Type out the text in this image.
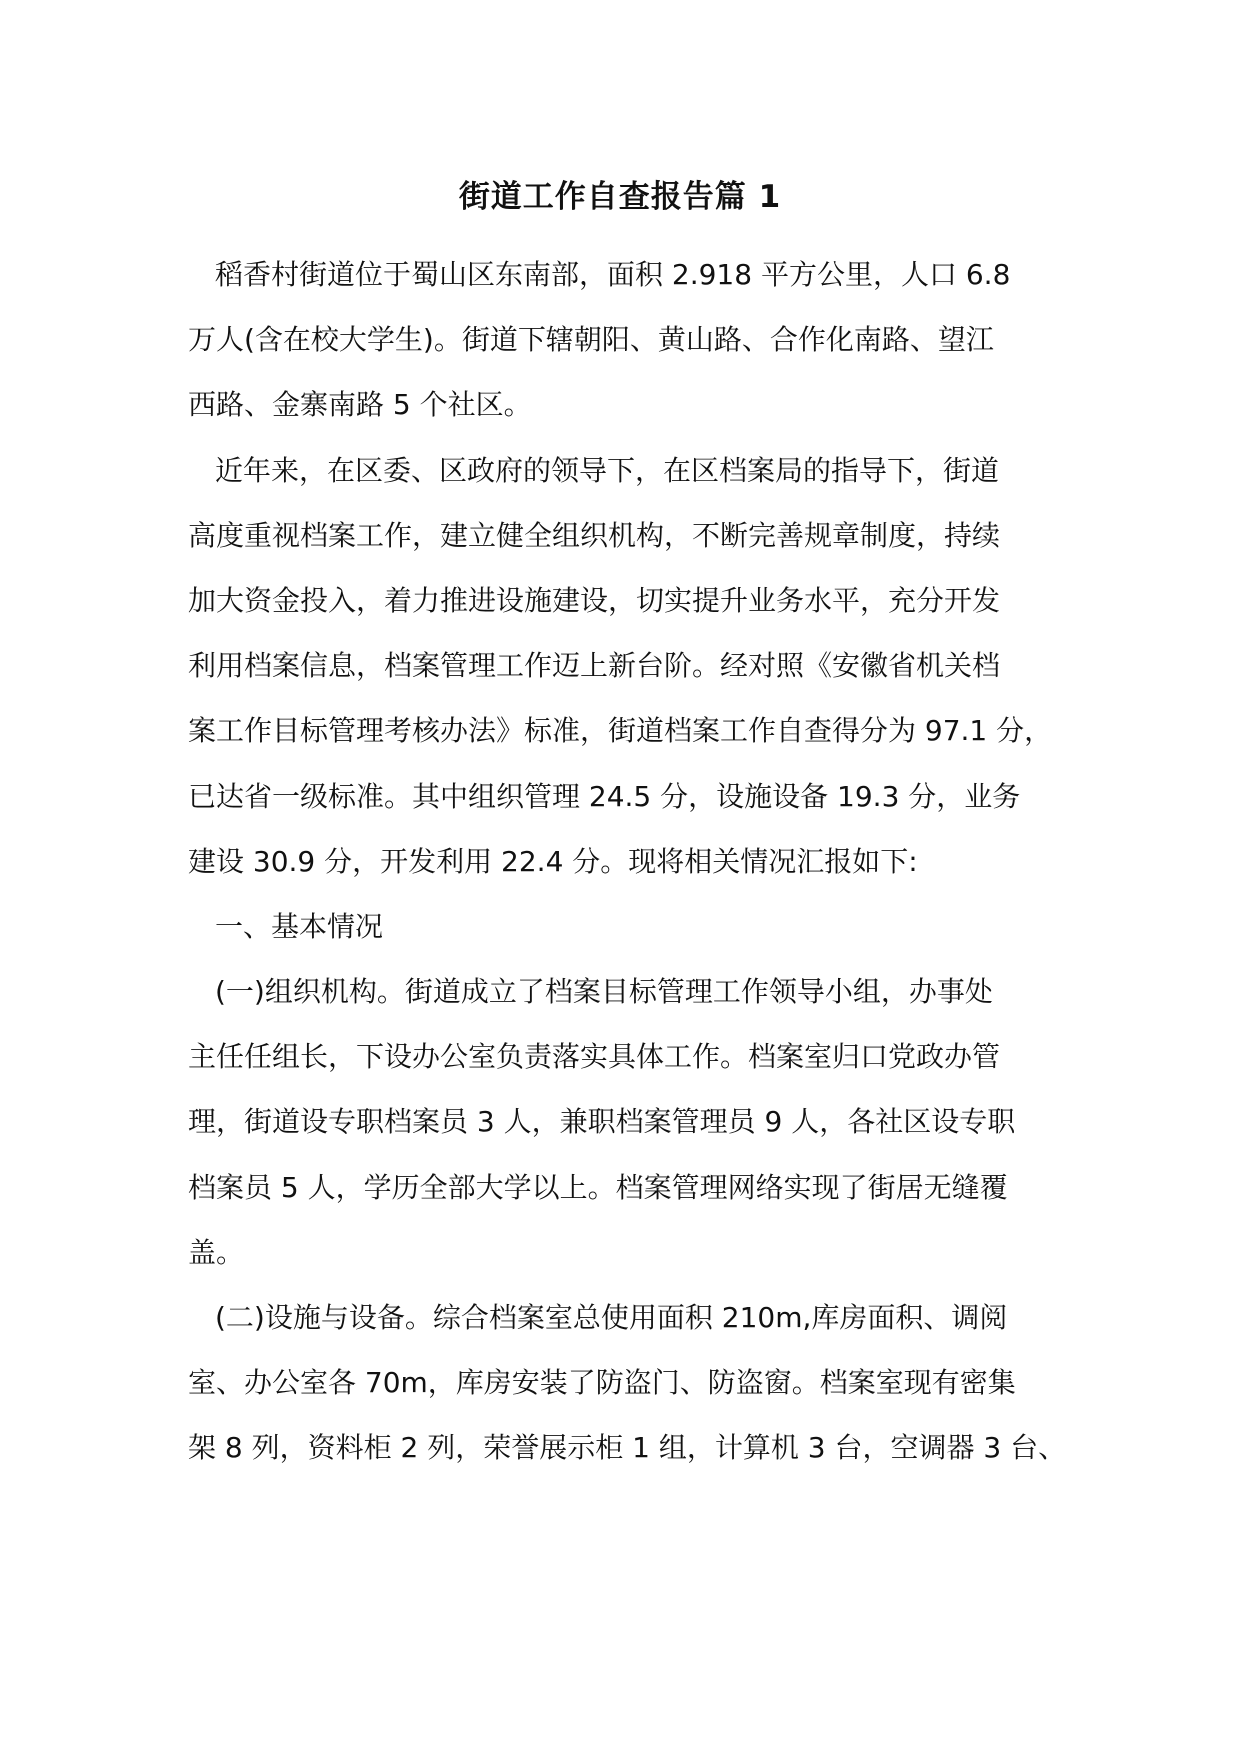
街道工作自查报告篇 1
稻香村街道位于蜀山区东南部，面积 2.918 平方公里，人口 6.8
万人(含在校大学生)。街道下辖朝阳、黄山路、合作化南路、望江
西路、金寨南路 5 个社区。
近年来，在区委、区政府的领导下，在区档案局的指导下，街道
高度重视档案工作，建立健全组织机构，不断完善规章制度，持续
加大资金投入，着力推进设施建设，切实提升业务水平，充分开发
利用档案信息，档案管理工作迈上新台阶。经对照《安徽省机关档
案工作目标管理考核办法》标准，街道档案工作自查得分为 97.1 分，
已达省一级标准。其中组织管理 24.5 分，设施设备 19.3 分，业务
建设 30.9 分，开发利用 22.4 分。现将相关情况汇报如下:
一、基本情况
(一)组织机构。街道成立了档案目标管理工作领导小组，办事处
主任任组长，下设办公室负责落实具体工作。档案室归口党政办管
理，街道设专职档案员 3 人，兼职档案管理员 9 人，各社区设专职
档案员 5 人，学历全部大学以上。档案管理网络实现了街居无缝覆
盖。
(二)设施与设备。综合档案室总使用面积 210m,库房面积、调阅
室、办公室各 70m，库房安装了防盗门、防盗窗。档案室现有密集
架 8 列，资料柜 2 列，荣誉展示柜 1 组，计算机 3 台，空调器 3 台、
